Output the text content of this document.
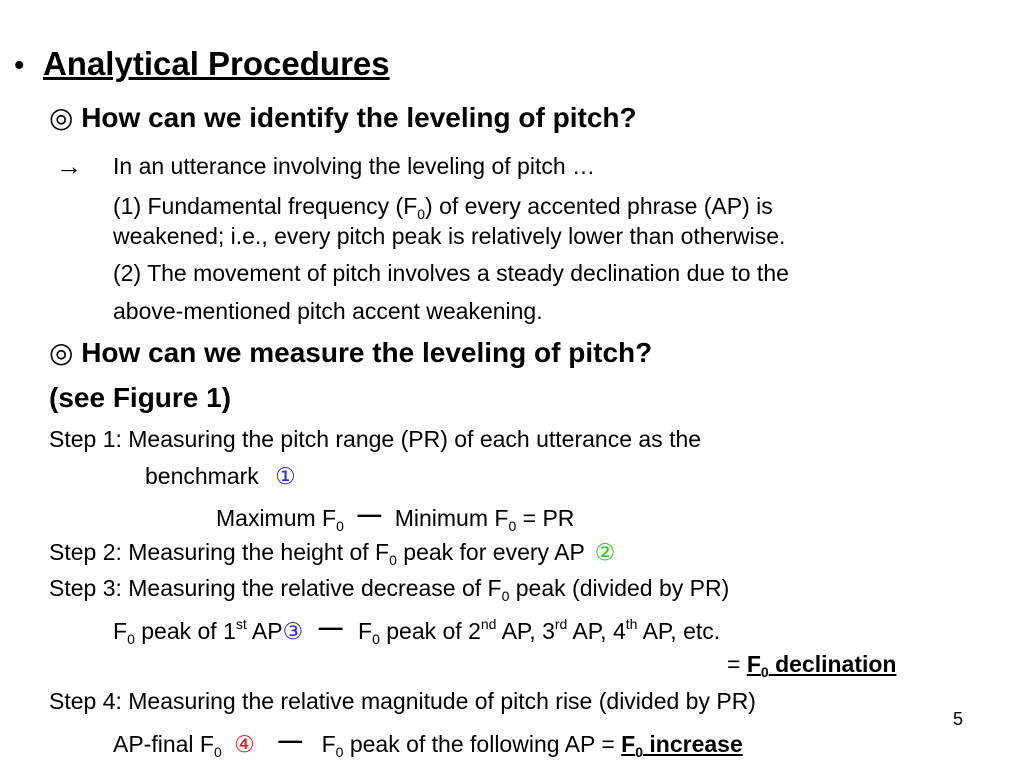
• Analytical Procedures
◎ How can we identify the leveling of pitch?
→ In an utterance involving the leveling of pitch …
(1) Fundamental frequency $(F_0)$ of every accented phrase (AP) is
weakened; i.e., every pitch peak is relatively lower than otherwise.
(2) The movement of pitch involves a steady declination due to the
above-mentioned pitch accent weakening.
◎ How can we measure the leveling of pitch?
(see Figure 1)
Step 1: Measuring the pitch range (PR) of each utterance as the
benchmark ①
Maximum $F_0$ － Minimum $F_0$ = PR
Step 2: Measuring the height of $F_0$ peak for every AP ②
Step 3: Measuring the relative decrease of $F_0$ peak (divided by PR)
$F_0$ peak of 1st AP③ － $F_0$ peak of 2nd AP, 3rd AP, 4th AP, etc.
= $F_0$ declination
Step 4: Measuring the relative magnitude of pitch rise (divided by PR)
AP-final $F_0$ ④ － $F_0$ peak of the following AP = $F_0$ increase
5
